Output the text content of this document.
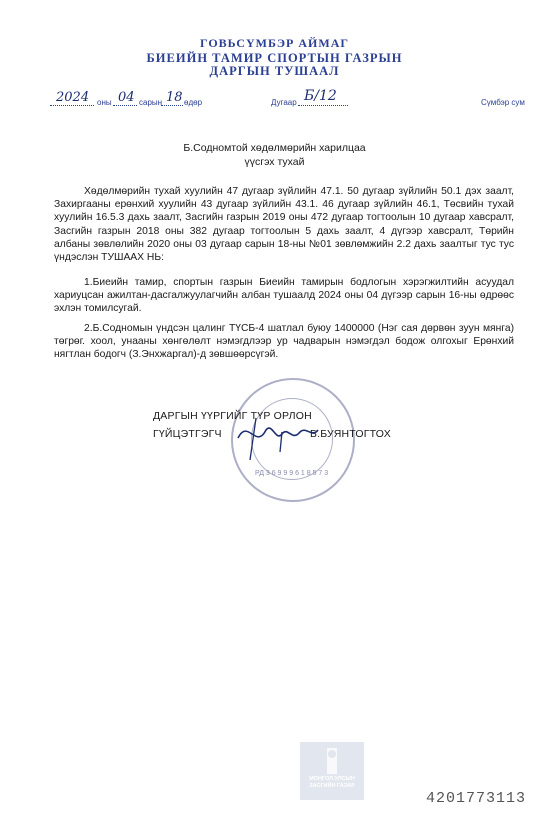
ГОВЬСҮМБЭР АЙМАГ
БИЕИЙН ТАМИР СПОРТЫН ГАЗРЫН
ДАРГЫН ТУШААЛ
2024 оны 04 сарын 18 өдөр	Дугаар Б/12	Сүмбэр сум
Б.Содномтой хөдөлмөрийн харилцаа
үүсгэх тухай

Хөдөлмөрийн тухай хуулийн 47 дугаар зүйлийн 47.1. 50 дугаар зүйлийн 50.1 дэх заалт, Захиргааны ерөнхий хуулийн 43 дугаар зүйлийн 43.1. 46 дугаар зүйлийн 46.1, Төсвийн тухай хуулийн 16.5.3 дахь заалт, Засгийн газрын 2019 оны 472 дугаар тогтоолын 10 дугаар хавсралт, Засгийн газрын 2018 оны 382 дугаар тогтоолын 5 дахь заалт, 4 дүгээр хавсралт, Төрийн албаны зөвлөлийн 2020 оны 03 дугаар сарын 18-ны №01 зөвлөмжийн 2.2 дахь заалтыг тус тус үндэслэн ТУШААХ НЬ:

1.Биеийн тамир, спортын газрын Биеийн тамирын бодлогын хэрэгжилтийн асуудал хариуцсан ажилтан-дасгалжуулагчийн албан тушаалд 2024 оны 04 дүгээр сарын 16-ны өдрөөс эхлэн томилсугай.

2.Б.Содномын үндсэн цалинг ТҮСБ-4 шатлал буюу 1400000 (Нэг сая дөрвөн зуун мянга) төгрөг. хоол, унааны хөнгөлөлт нэмэгдлээр ур чадварын нэмэгдэл бодож олгохыг Ерөнхий нягтлан бодогч (З.Энхжаргал)-д зөвшөөрсүгэй.

РД 3 6 9 9 9 6 1 8 5 7 3
ДАРГЫН ҮҮРГИЙГ ТҮР ОРЛОН
ГҮЙЦЭТГЭГЧ	Б.БУЯНТОГТОХ
МОНГОЛ УЛСЫН
ЗАСГИЙН ГАЗАР
4201773113
